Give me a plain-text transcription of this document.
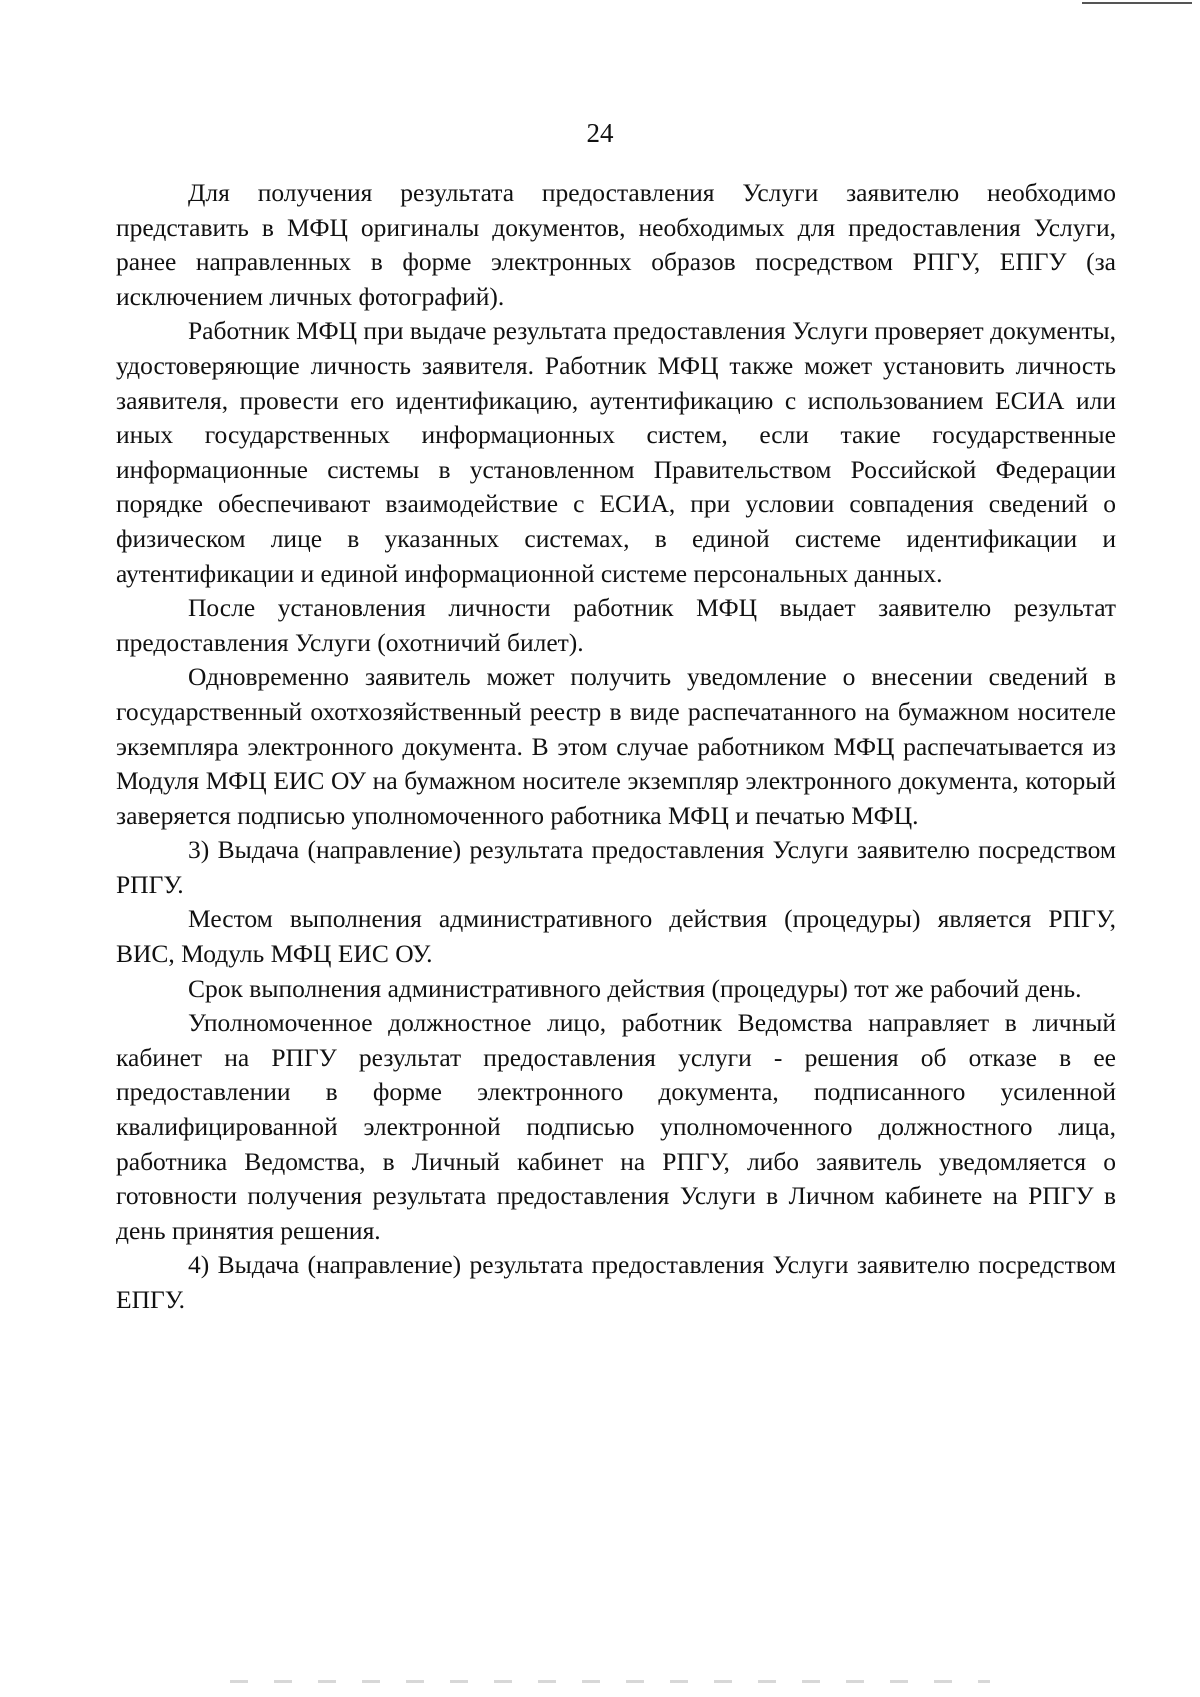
24

Для получения результата предоставления Услуги заявителю необходимо представить в МФЦ оригиналы документов, необходимых для предоставления Услуги, ранее направленных в форме электронных образов посредством РПГУ, ЕПГУ (за исключением личных фотографий).

Работник МФЦ при выдаче результата предоставления Услуги проверяет документы, удостоверяющие личность заявителя. Работник МФЦ также может установить личность заявителя, провести его идентификацию, аутентификацию с использованием ЕСИА или иных государственных информационных систем, если такие государственные информационные системы в установленном Правительством Российской Федерации порядке обеспечивают взаимодействие с ЕСИА, при условии совпадения сведений о физическом лице в указанных системах, в единой системе идентификации и аутентификации и единой информационной системе персональных данных.

После установления личности работник МФЦ выдает заявителю результат предоставления Услуги (охотничий билет).

Одновременно заявитель может получить уведомление о внесении сведений в государственный охотхозяйственный реестр в виде распечатанного на бумажном носителе экземпляра электронного документа. В этом случае работником МФЦ распечатывается из Модуля МФЦ ЕИС ОУ на бумажном носителе экземпляр электронного документа, который заверяется подписью уполномоченного работника МФЦ и печатью МФЦ.

3) Выдача (направление) результата предоставления Услуги заявителю посредством РПГУ.

Местом выполнения административного действия (процедуры) является РПГУ, ВИС, Модуль МФЦ ЕИС ОУ.

Срок выполнения административного действия (процедуры) тот же рабочий день.

Уполномоченное должностное лицо, работник Ведомства направляет в личный кабинет на РПГУ результат предоставления услуги - решения об отказе в ее предоставлении в форме электронного документа, подписанного усиленной квалифицированной электронной подписью уполномоченного должностного лица, работника Ведомства, в Личный кабинет на РПГУ, либо заявитель уведомляется о готовности получения результата предоставления Услуги в Личном кабинете на РПГУ в день принятия решения.

4) Выдача (направление) результата предоставления Услуги заявителю посредством ЕПГУ.
